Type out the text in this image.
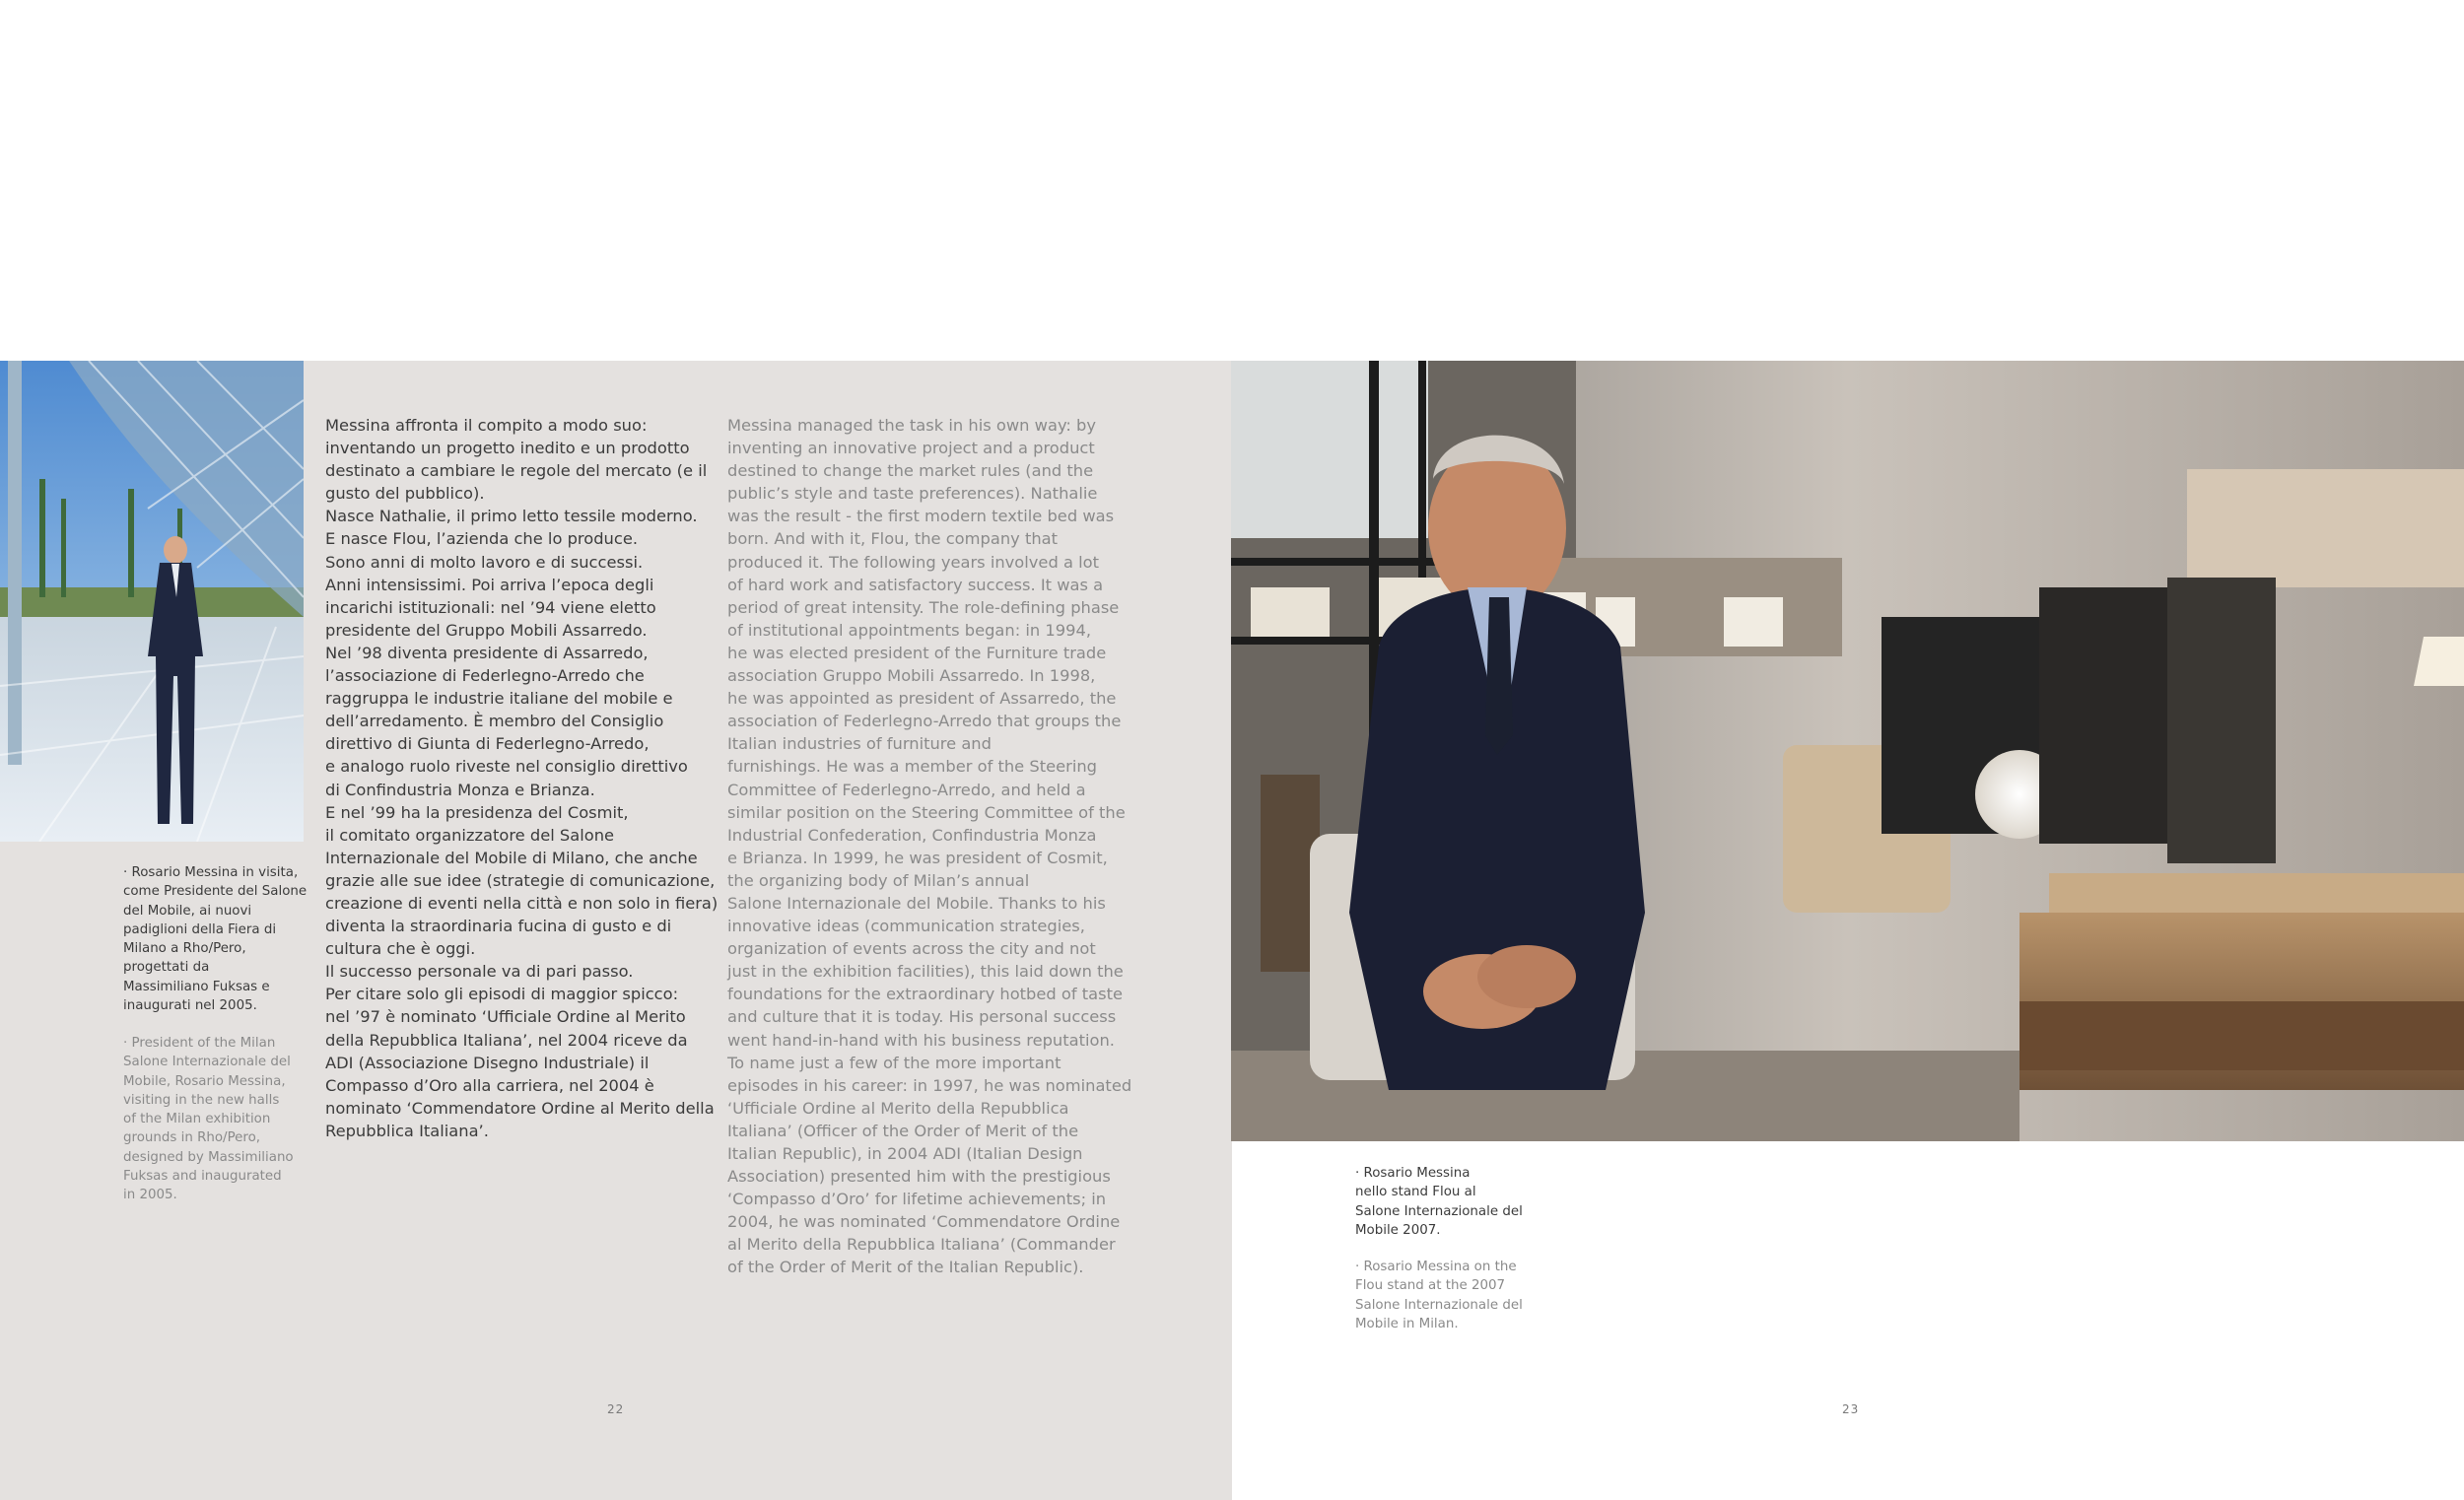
Messina affronta il compito a modo suo:
inventando un progetto inedito e un prodotto
destinato a cambiare le regole del mercato (e il
gusto del pubblico).
Nasce Nathalie, il primo letto tessile moderno.
E nasce Flou, l’azienda che lo produce.
Sono anni di molto lavoro e di successi.
Anni intensissimi. Poi arriva l’epoca degli
incarichi istituzionali: nel ’94 viene eletto
presidente del Gruppo Mobili Assarredo.
Nel ’98 diventa presidente di Assarredo,
l’associazione di Federlegno-Arredo che
raggruppa le industrie italiane del mobile e
dell’arredamento. È membro del Consiglio
direttivo di Giunta di Federlegno-Arredo,
e analogo ruolo riveste nel consiglio direttivo
di Confindustria Monza e Brianza.
E nel ’99 ha la presidenza del Cosmit,
il comitato organizzatore del Salone
Internazionale del Mobile di Milano, che anche
grazie alle sue idee (strategie di comunicazione,
creazione di eventi nella città e non solo in fiera)
diventa la straordinaria fucina di gusto e di
cultura che è oggi.
Il successo personale va di pari passo.
Per citare solo gli episodi di maggior spicco:
nel ’97 è nominato ‘Ufficiale Ordine al Merito
della Repubblica Italiana’, nel 2004 riceve da
ADI (Associazione Disegno Industriale) il
Compasso d’Oro alla carriera, nel 2004 è
nominato ‘Commendatore Ordine al Merito della
Repubblica Italiana’.
Messina managed the task in his own way: by
inventing an innovative project and a product
destined to change the market rules (and the
public’s style and taste preferences). Nathalie
was the result - the first modern textile bed was
born. And with it, Flou, the company that
produced it. The following years involved a lot
of hard work and satisfactory success. It was a
period of great intensity. The role-defining phase
of institutional appointments began: in 1994,
he was elected president of the Furniture trade
association Gruppo Mobili Assarredo. In 1998,
he was appointed as president of Assarredo, the
association of Federlegno-Arredo that groups the
Italian industries of furniture and
furnishings. He was a member of the Steering
Committee of Federlegno-Arredo, and held a
similar position on the Steering Committee of the
Industrial Confederation, Confindustria Monza
e Brianza. In 1999, he was president of Cosmit,
the organizing body of Milan’s annual
Salone Internazionale del Mobile. Thanks to his
innovative ideas (communication strategies,
organization of events across the city and not
just in the exhibition facilities), this laid down the
foundations for the extraordinary hotbed of taste
and culture that it is today. His personal success
went hand-in-hand with his business reputation.
To name just a few of the more important
episodes in his career: in 1997, he was nominated
‘Ufficiale Ordine al Merito della Repubblica
Italiana’ (Officer of the Order of Merit of the
Italian Republic), in 2004 ADI (Italian Design
Association) presented him with the prestigious
‘Compasso d’Oro’ for lifetime achievements; in
2004, he was nominated ‘Commendatore Ordine
al Merito della Repubblica Italiana’ (Commander
of the Order of Merit of the Italian Republic).
· Rosario Messina in visita,
come Presidente del Salone
del Mobile, ai nuovi
padiglioni della Fiera di
Milano a Rho/Pero,
progettati da
Massimiliano Fuksas e
inaugurati nel 2005.
· President of the Milan
Salone Internazionale del
Mobile, Rosario Messina,
visiting in the new halls
of the Milan exhibition
grounds in Rho/Pero,
designed by Massimiliano
Fuksas and inaugurated
in 2005.
· Rosario Messina
nello stand Flou al
Salone Internazionale del
Mobile 2007.
· Rosario Messina on the
Flou stand at the 2007
Salone Internazionale del
Mobile in Milan.
22	23
